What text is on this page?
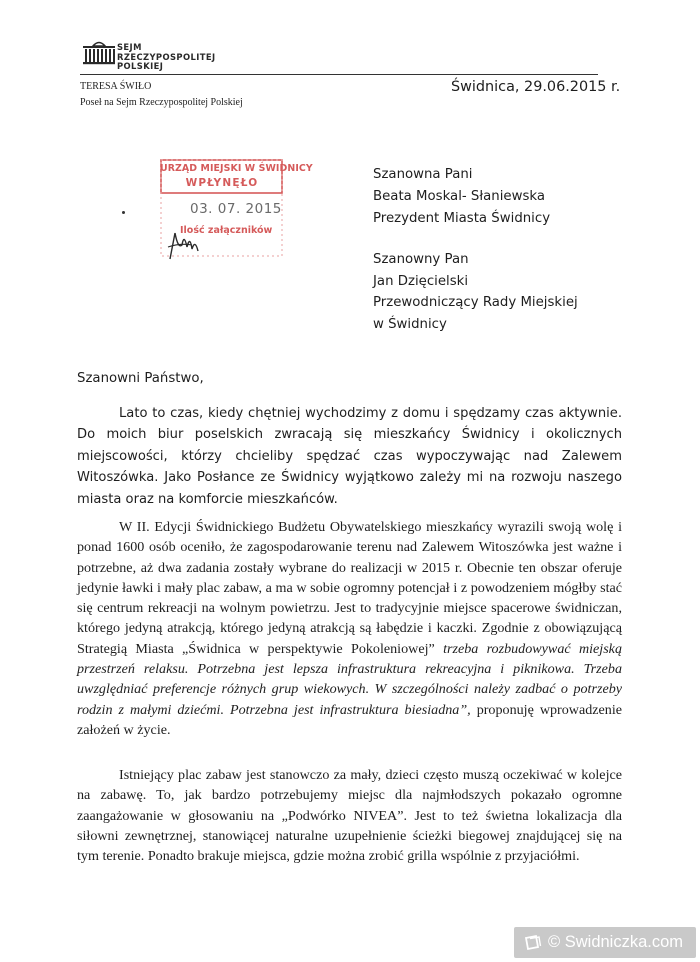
SEJM
RZECZYPOSPOLITEJ
POLSKIEJ
TERESA ŚWIŁO
Poseł na Sejm Rzeczypospolitej Polskiej
Świdnica, 29.06.2015 r.
URZĄD MIEJSKI W ŚWIDNICY
WPŁYNĘŁO
03. 07. 2015
Ilość załączników
Szanowna Pani
Beata Moskal- Słaniewska
Prezydent Miasta Świdnicy
Szanowny Pan
Jan Dzięcielski
Przewodniczący Rady Miejskiej
w Świdnicy
Szanowni Państwo,

Lato to czas, kiedy chętniej wychodzimy z domu i spędzamy czas aktywnie. Do moich biur poselskich zwracają się mieszkańcy Świdnicy i okolicznych miejscowości, którzy chcieliby spędzać czas wypoczywając nad Zalewem Witoszówka. Jako Posłance ze Świdnicy wyjątkowo zależy mi na rozwoju naszego miasta oraz na komforcie mieszkańców.

W II. Edycji Świdnickiego Budżetu Obywatelskiego mieszkańcy wyrazili swoją wolę i ponad 1600 osób oceniło, że zagospodarowanie terenu nad Zalewem Witoszówka jest ważne i potrzebne, aż dwa zadania zostały wybrane do realizacji w 2015 r. Obecnie ten obszar oferuje jedynie ławki i mały plac zabaw, a ma w sobie ogromny potencjał i z powodzeniem mógłby stać się centrum rekreacji na wolnym powietrzu. Jest to tradycyjnie miejsce spacerowe świdniczan, którego jedyną atrakcją, którego jedyną atrakcją są łabędzie i kaczki. Zgodnie z obowiązującą Strategią Miasta „Świdnica w perspektywie Pokoleniowej” trzeba rozbudowywać miejską przestrzeń relaksu. Potrzebna jest lepsza infrastruktura rekreacyjna i piknikowa. Trzeba uwzględniać preferencje różnych grup wiekowych. W szczególności należy zadbać o potrzeby rodzin z małymi dziećmi. Potrzebna jest infrastruktura biesiadna”, proponuję wprowadzenie założeń w życie.

Istniejący plac zabaw jest stanowczo za mały, dzieci często muszą oczekiwać w kolejce na zabawę. To, jak bardzo potrzebujemy miejsc dla najmłodszych pokazało ogromne zaangażowanie w głosowaniu na „Podwórko NIVEA”. Jest to też świetna lokalizacja dla siłowni zewnętrznej, stanowiącej naturalne uzupełnienie ścieżki biegowej znajdującej się na tym terenie. Ponadto brakuje miejsca, gdzie można zrobić grilla wspólnie z przyjaciółmi.

© Swidniczka.com
